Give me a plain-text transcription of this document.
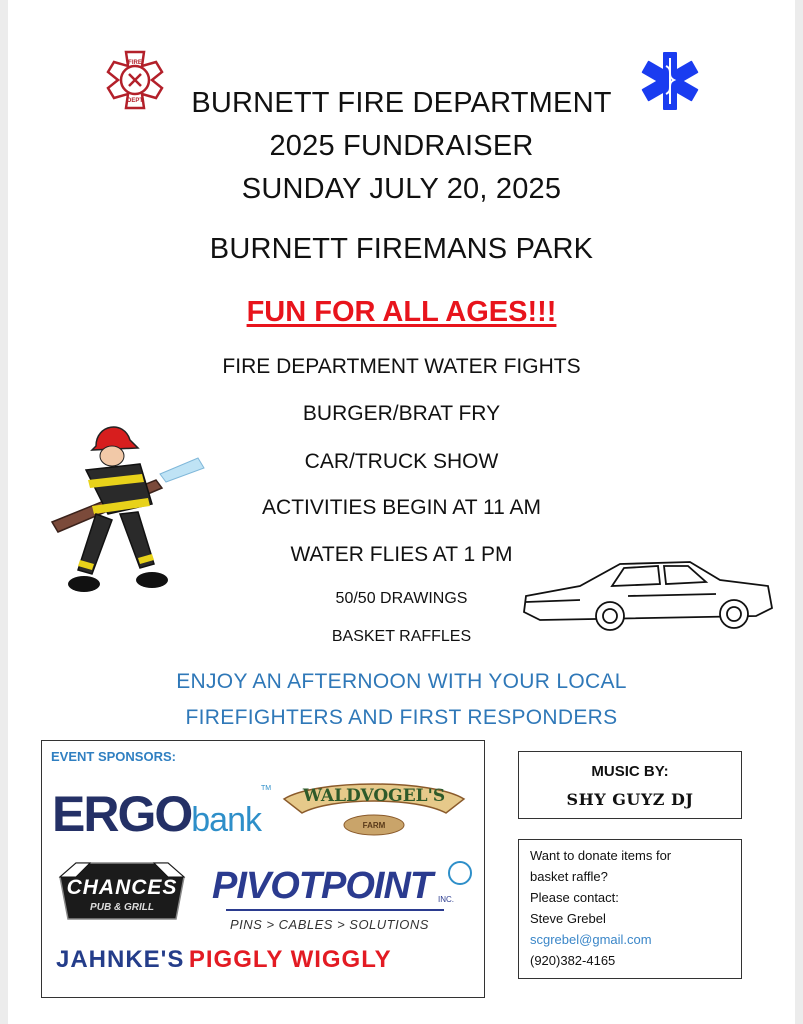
FIRE
DEPT	BURNETT FIRE DEPARTMENT
2025 FUNDRAISER
SUNDAY JULY 20, 2025
BURNETT FIREMANS PARK
FUN FOR ALL AGES!!!
FIRE DEPARTMENT WATER FIGHTS
BURGER/BRAT FRY
CAR/TRUCK SHOW
ACTIVITIES BEGIN AT 11 AM
WATER FLIES AT 1 PM
50/50 DRAWINGS
BASKET RAFFLES
ENJOY AN AFTERNOON WITH YOUR LOCAL
FIREFIGHTERS AND FIRST RESPONDERS
EVENT SPONSORS:
ERGObank™	WALDVOGEL'S
FARM
CHANCES
PUB & GRILL
PIVOTPOINT INC.
PINS > CABLES > SOLUTIONS
JAHNKE'S PIGGLY WIGGLY
MUSIC BY:
SHY GUYZ DJ
Want to donate items for
basket raffle?
Please contact:
Steve Grebel
scgrebel@gmail.com
(920)382-4165
